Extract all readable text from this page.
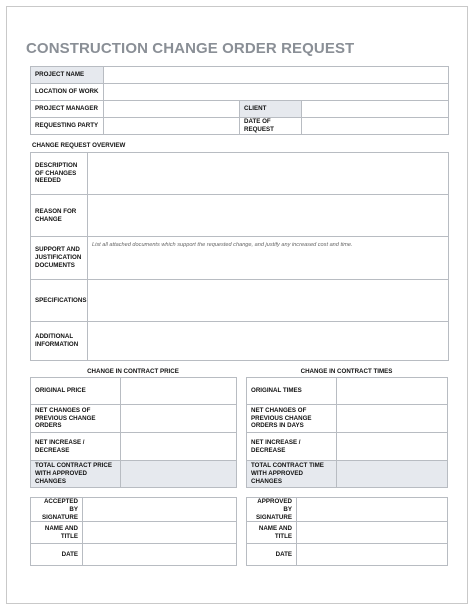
CONSTRUCTION CHANGE ORDER REQUEST
PROJECT NAME			
LOCATION OF WORK			
PROJECT MANAGER		CLIENT	
REQUESTING PARTY		DATE OF REQUEST	
CHANGE REQUEST OVERVIEW
DESCRIPTION OF CHANGES NEEDED	
REASON FOR CHANGE	
SUPPORT AND JUSTIFICATION DOCUMENTS	List all attached documents which support the requested change, and justify any increased cost and time.
SPECIFICATIONS	
ADDITIONAL INFORMATION	
CHANGE IN CONTRACT PRICE
ORIGINAL PRICE	
NET CHANGES OF PREVIOUS CHANGE ORDERS	
NET INCREASE / DECREASE	
TOTAL CONTRACT PRICE WITH APPROVED CHANGES	
CHANGE IN CONTRACT TIMES
ORIGINAL TIMES	
NET CHANGES OF PREVIOUS CHANGE ORDERS IN DAYS	
NET INCREASE / DECREASE	
TOTAL CONTRACT TIME WITH APPROVED CHANGES	
ACCEPTED BY SIGNATURE	
NAME AND TITLE	
DATE	
APPROVED BY SIGNATURE	
NAME AND TITLE	
DATE	
